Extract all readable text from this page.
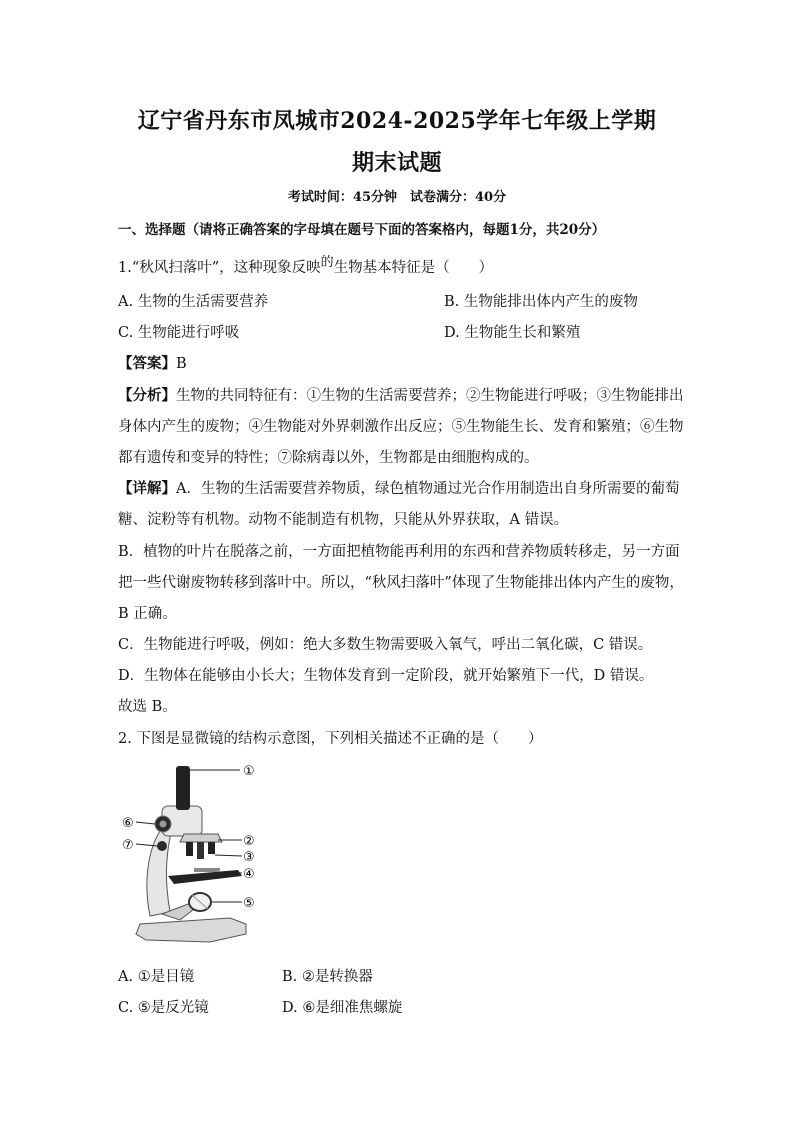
辽宁省丹东市凤城市2024-2025学年七年级上学期
期末试题
考试时间：45分钟　试卷满分：40分
一、选择题（请将正确答案的字母填在题号下面的答案格内，每题1分，共20分）
1.“秋风扫落叶”，这种现象反映的生物基本特征是（　　）
A. 生物的生活需要营养	B. 生物能排出体内产生的废物
C. 生物能进行呼吸	D. 生物能生长和繁殖
【答案】B
【分析】生物的共同特征有：①生物的生活需要营养；②生物能进行呼吸；③生物能排出
身体内产生的废物；④生物能对外界刺激作出反应；⑤生物能生长、发育和繁殖；⑥生物
都有遗传和变异的特性；⑦除病毒以外，生物都是由细胞构成的。
【详解】A．生物的生活需要营养物质，绿色植物通过光合作用制造出自身所需要的葡萄
糖、淀粉等有机物。动物不能制造有机物，只能从外界获取，A 错误。
B．植物的叶片在脱落之前，一方面把植物能再利用的东西和营养物质转移走，另一方面
把一些代谢废物转移到落叶中。所以，“秋风扫落叶”体现了生物能排出体内产生的废物，
B 正确。
C．生物能进行呼吸，例如：绝大多数生物需要吸入氧气，呼出二氧化碳，C 错误。
D．生物体在能够由小长大；生物体发育到一定阶段，就开始繁殖下一代，D 错误。
故选 B。
2. 下图是显微镜的结构示意图，下列相关描述不正确的是（　　）
①
②
③
④
⑤
⑥
⑦
A. ①是目镜	B. ②是转换器
C. ⑤是反光镜	D. ⑥是细准焦螺旋
